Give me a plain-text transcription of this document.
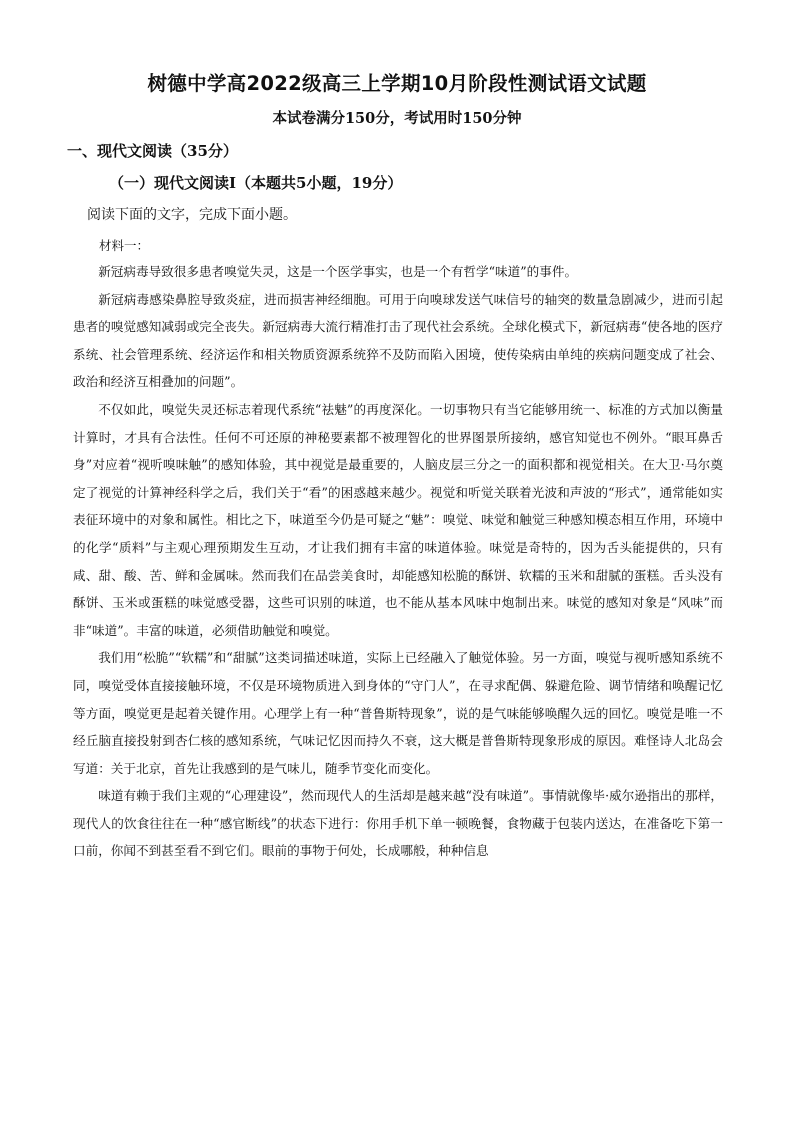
树德中学高2022级高三上学期10月阶段性测试语文试题
本试卷满分150分，考试用时150分钟
一、现代文阅读（35分）
（一）现代文阅读Ⅰ（本题共5小题，19分）
阅读下面的文字，完成下面小题。
材料一：

新冠病毒导致很多患者嗅觉失灵，这是一个医学事实，也是一个有哲学“味道”的事件。

新冠病毒感染鼻腔导致炎症，进而损害神经细胞。可用于向嗅球发送气味信号的轴突的数量急剧减少，进而引起患者的嗅觉感知减弱或完全丧失。新冠病毒大流行精准打击了现代社会系统。全球化模式下，新冠病毒“使各地的医疗系统、社会管理系统、经济运作和相关物质资源系统猝不及防而陷入困境，使传染病由单纯的疾病问题变成了社会、政治和经济互相叠加的问题”。

不仅如此，嗅觉失灵还标志着现代系统“祛魅”的再度深化。一切事物只有当它能够用统一、标准的方式加以衡量计算时，才具有合法性。任何不可还原的神秘要素都不被理智化的世界图景所接纳，感官知觉也不例外。“眼耳鼻舌身”对应着“视听嗅味触”的感知体验，其中视觉是最重要的，人脑皮层三分之一的面积都和视觉相关。在大卫·马尔奠定了视觉的计算神经科学之后，我们关于“看”的困惑越来越少。视觉和听觉关联着光波和声波的“形式”，通常能如实表征环境中的对象和属性。相比之下，味道至今仍是可疑之“魅”：嗅觉、味觉和触觉三种感知模态相互作用，环境中的化学“质料”与主观心理预期发生互动，才让我们拥有丰富的味道体验。味觉是奇特的，因为舌头能提供的，只有咸、甜、酸、苦、鲜和金属味。然而我们在品尝美食时，却能感知松脆的酥饼、软糯的玉米和甜腻的蛋糕。舌头没有酥饼、玉米或蛋糕的味觉感受器，这些可识别的味道，也不能从基本风味中炮制出来。味觉的感知对象是“风味”而非“味道”。丰富的味道，必须借助触觉和嗅觉。

我们用“松脆”“软糯”和“甜腻”这类词描述味道，实际上已经融入了触觉体验。另一方面，嗅觉与视听感知系统不同，嗅觉受体直接接触环境，不仅是环境物质进入到身体的“守门人”，在寻求配偶、躲避危险、调节情绪和唤醒记忆等方面，嗅觉更是起着关键作用。心理学上有一种“普鲁斯特现象”，说的是气味能够唤醒久远的回忆。嗅觉是唯一不经丘脑直接投射到杏仁核的感知系统，气味记忆因而持久不衰，这大概是普鲁斯特现象形成的原因。难怪诗人北岛会写道：关于北京，首先让我感到的是气味儿，随季节变化而变化。

味道有赖于我们主观的“心理建设”，然而现代人的生活却是越来越“没有味道”。事情就像毕·威尔逊指出的那样，现代人的饮食往往在一种“感官断线”的状态下进行：你用手机下单一顿晚餐，食物藏于包装内送达，在准备吃下第一口前，你闻不到甚至看不到它们。眼前的事物于何处，长成哪般，种种信息
